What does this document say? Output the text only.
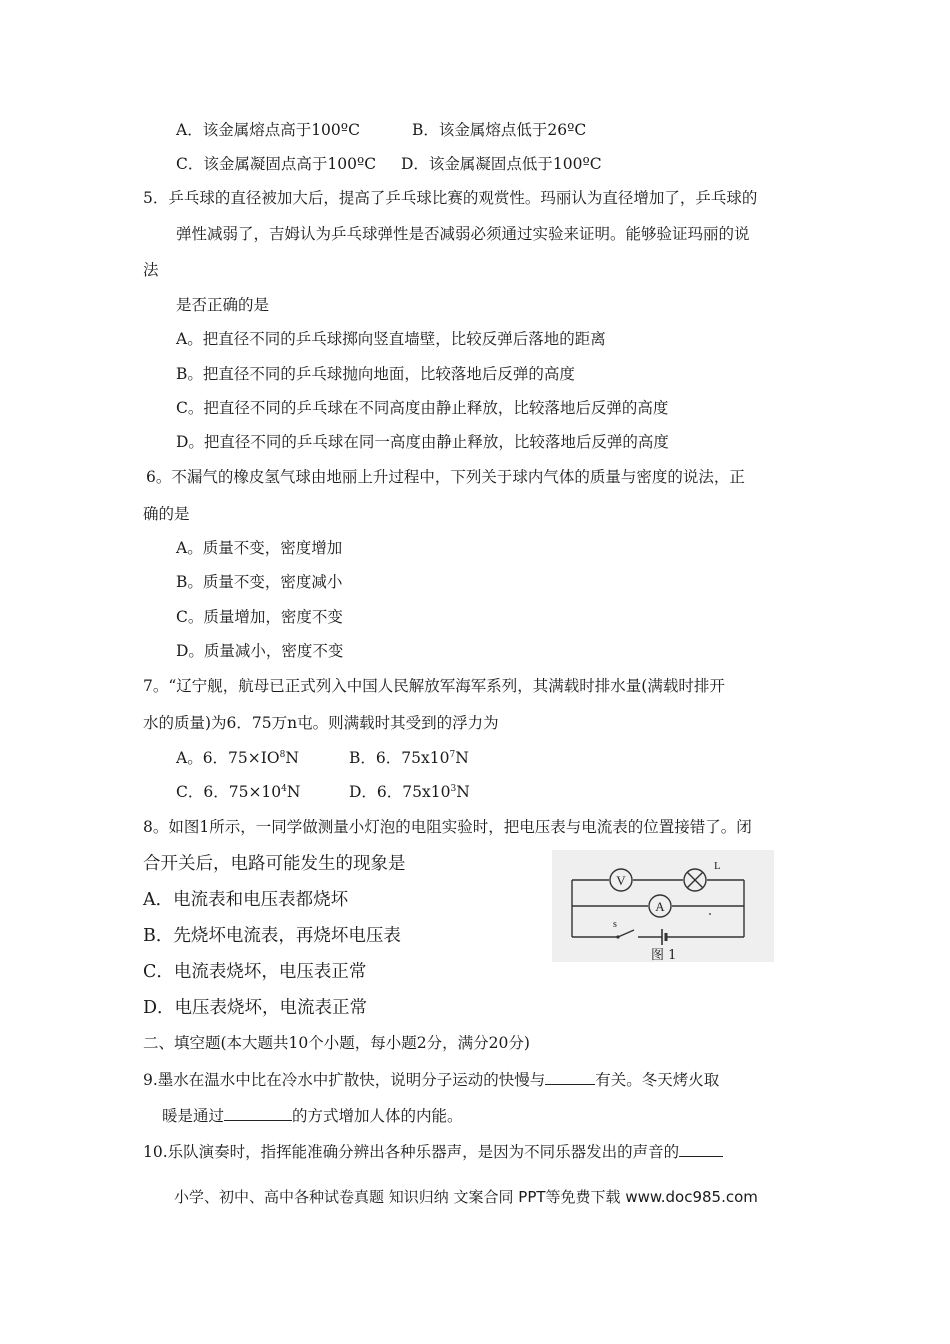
A．该金属熔点高于100ºC	B．该金属熔点低于26ºC
C．该金属凝固点高于100ºC D．该金属凝固点低于100ºC
5．乒乓球的直径被加大后，提高了乒乓球比赛的观赏性。玛丽认为直径增加了，乒乓球的
弹性减弱了，吉姆认为乒乓球弹性是否减弱必须通过实验来证明。能够验证玛丽的说
法
是否正确的是
A。把直径不同的乒乓球掷向竖直墙壁，比较反弹后落地的距离
B。把直径不同的乒乓球抛向地面，比较落地后反弹的高度
C。把直径不同的乒乓球在不同高度由静止释放，比较落地后反弹的高度
D。把直径不同的乒乓球在同一高度由静止释放，比较落地后反弹的高度
6。不漏气的橡皮氢气球由地丽上升过程中，下列关于球内气体的质量与密度的说法，正
确的是
A。质量不变，密度增加
B。质量不变，密度减小
C。质量增加，密度不变
D。质量减小，密度不变
7。“辽宁舰，航母已正式列入中国人民解放军海军系列，其满载时排水量(满载时排开
水的质量)为6．75万n屯。则满载时其受到的浮力为
A。6．$75\times IO^8N$	B．6．$75x10^7N$
C．6．$75\times 10^4N$	D．6．$75x10^3N$
8。如图1所示，一同学做测量小灯泡的电阻实验时，把电压表与电流表的位置接错了。闭
合开关后，电路可能发生的现象是
A．电流表和电压表都烧坏
B．先烧坏电流表，再烧坏电压表
C．电流表烧坏，电压表正常
D．电压表烧坏，电流表正常
V
L
A
s
图 1
二、填空题(本大题共10个小题，每小题2分，满分20分)
9.墨水在温水中比在冷水中扩散快，说明分子运动的快慢与	有关。冬天烤火取
暖是通过	的方式增加人体的内能。
10.乐队演奏时，指挥能准确分辨出各种乐器声，是因为不同乐器发出的声音的
小学、初中、高中各种试卷真题 知识归纳 文案合同 PPT等免费下载 www.doc985.com
